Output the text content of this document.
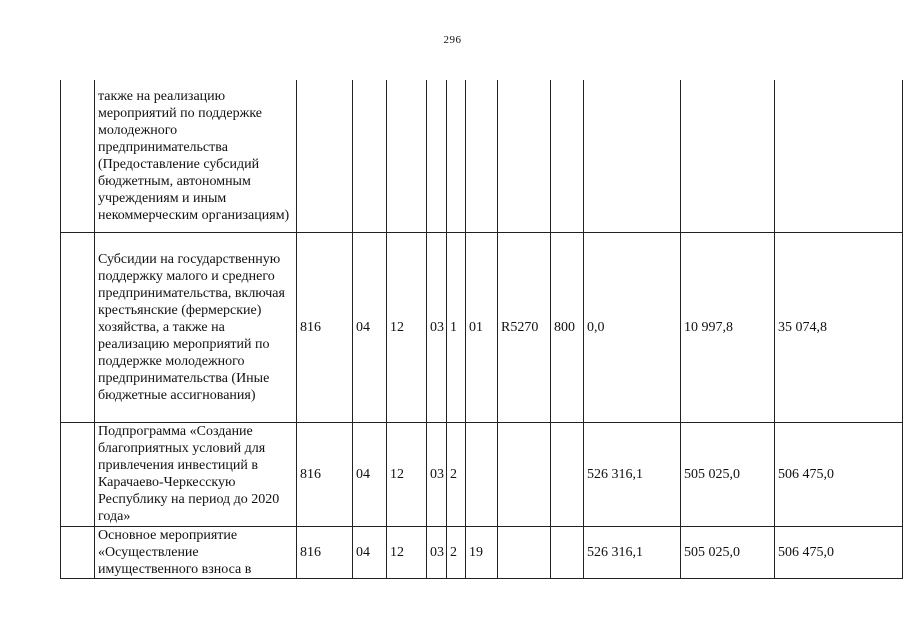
296
	также на реализацию мероприятий по поддержке молодежного предпринимательства (Предоставление субсидий бюджетным, автономным учреждениям и иным некоммерческим организациям)											
	Субсидии на государственную поддержку малого и среднего предпринимательства, включая крестьянские (фермерские) хозяйства, а также на реализацию мероприятий по поддержке молодежного предпринимательства (Иные бюджетные ассигнования)	816	04	12	03	1	01	R5270	800	0,0	10 997,8	35 074,8
	Подпрограмма «Создание благоприятных условий для привлечения инвестиций в Карачаево-Черкесскую Республику на период до 2020 года»	816	04	12	03	2				526 316,1	505 025,0	506 475,0
	Основное мероприятие «Осуществление имущественного взноса в	816	04	12	03	2	19			526 316,1	505 025,0	506 475,0
